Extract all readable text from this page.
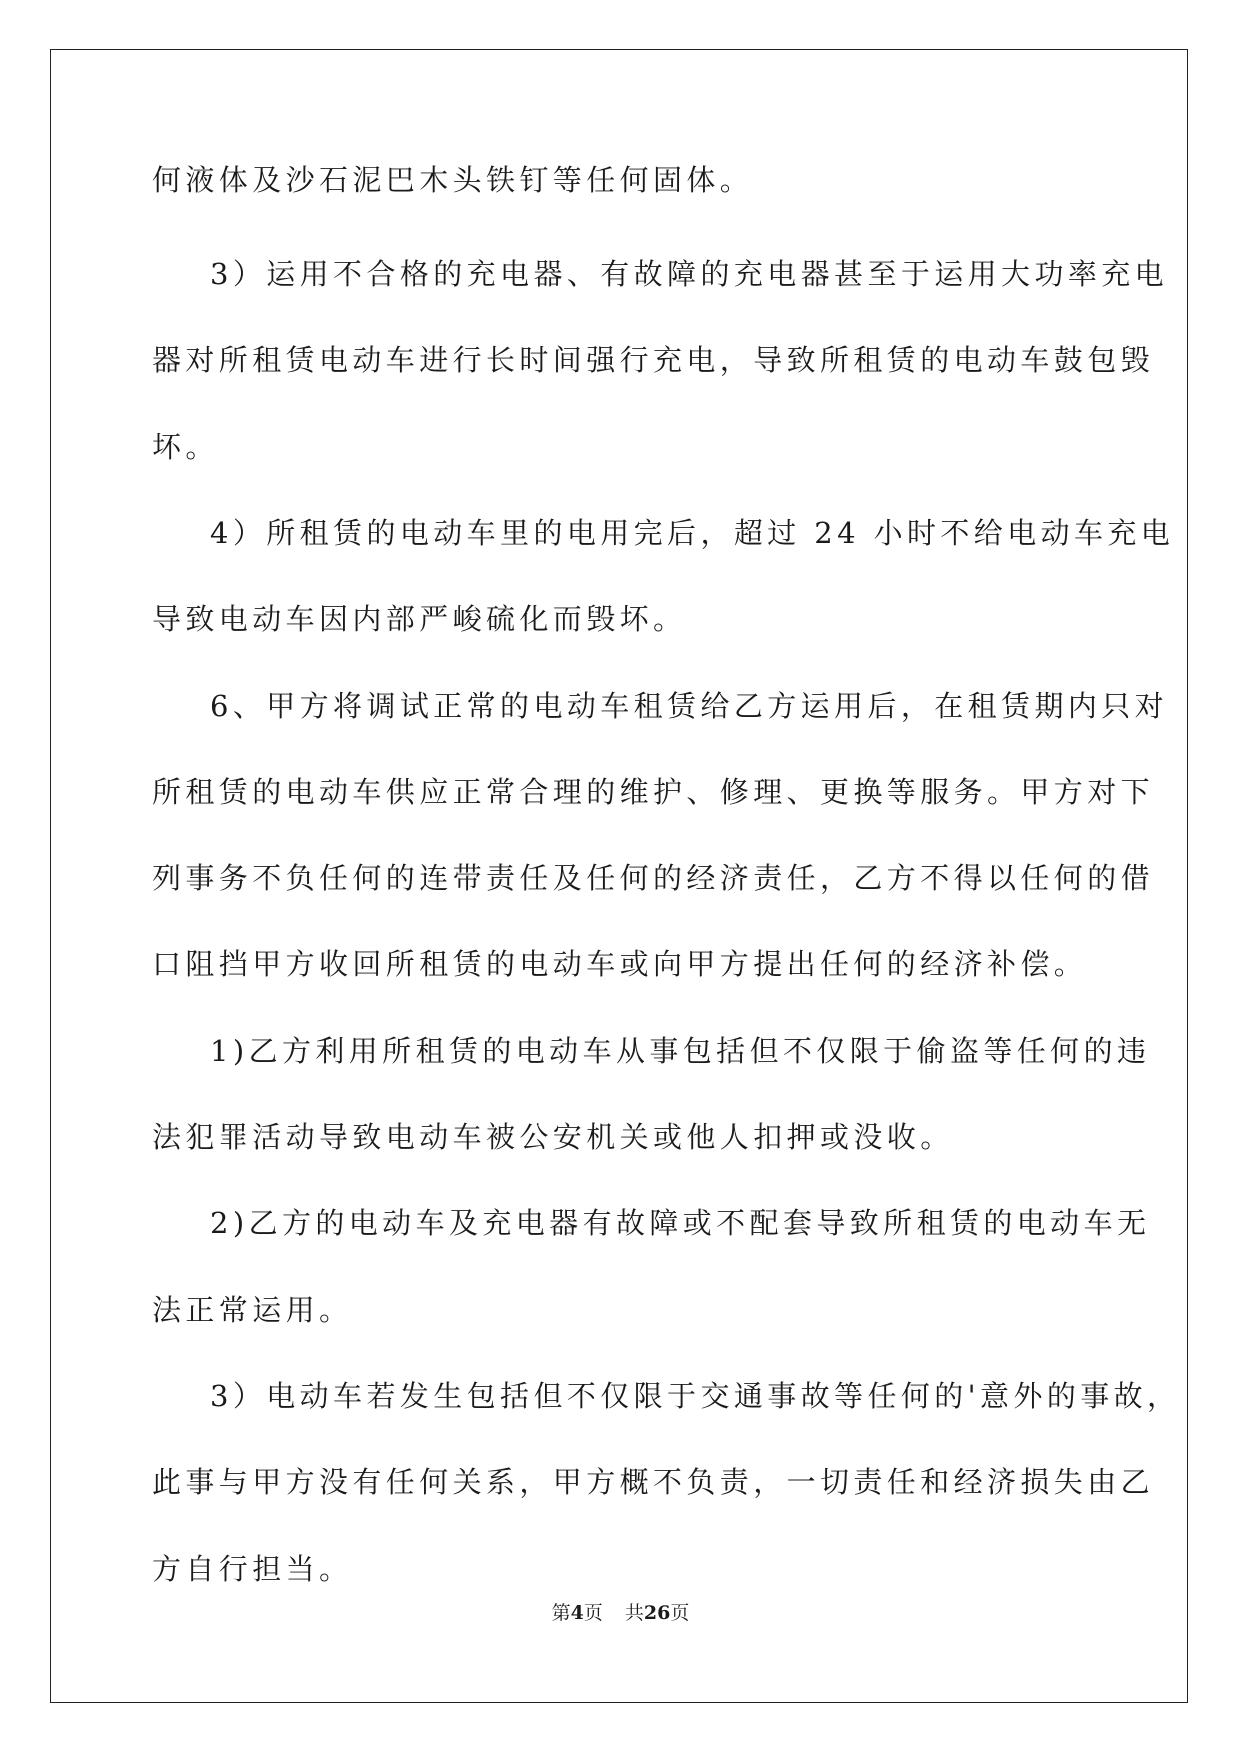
何液体及沙石泥巴木头铁钉等任何固体。
3）运用不合格的充电器、有故障的充电器甚至于运用大功率充电
器对所租赁电动车进行长时间强行充电，导致所租赁的电动车鼓包毁
坏。
4）所租赁的电动车里的电用完后，超过 24 小时不给电动车充电
导致电动车因内部严峻硫化而毁坏。
6、甲方将调试正常的电动车租赁给乙方运用后，在租赁期内只对
所租赁的电动车供应正常合理的维护、修理、更换等服务。甲方对下
列事务不负任何的连带责任及任何的经济责任，乙方不得以任何的借
口阻挡甲方收回所租赁的电动车或向甲方提出任何的经济补偿。
1)乙方利用所租赁的电动车从事包括但不仅限于偷盗等任何的违
法犯罪活动导致电动车被公安机关或他人扣押或没收。
2)乙方的电动车及充电器有故障或不配套导致所租赁的电动车无
法正常运用。
3）电动车若发生包括但不仅限于交通事故等任何的'意外的事故，
此事与甲方没有任何关系，甲方概不负责，一切责任和经济损失由乙
方自行担当。
第4页 共26页
